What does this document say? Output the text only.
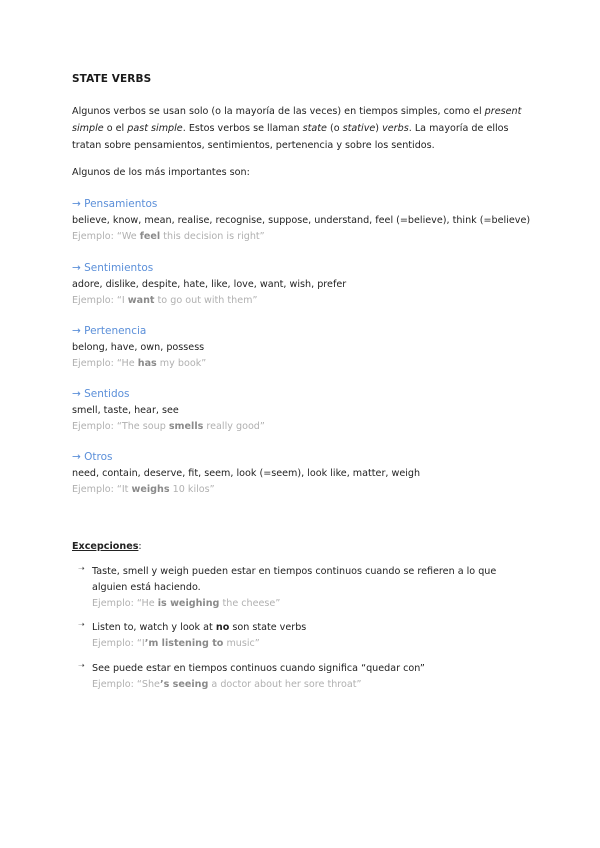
STATE VERBS
Algunos verbos se usan solo (o la mayoría de las veces) en tiempos simples, como el present simple o el past simple. Estos verbos se llaman state (o stative) verbs. La mayoría de ellos tratan sobre pensamientos, sentimientos, pertenencia y sobre los sentidos.
Algunos de los más importantes son:
→ Pensamientos
believe, know, mean, realise, recognise, suppose, understand, feel (=believe), think (=believe)
Ejemplo: “We feel this decision is right”
→ Sentimientos
adore, dislike, despite, hate, like, love, want, wish, prefer
Ejemplo: “I want to go out with them”
→ Pertenencia
belong, have, own, possess
Ejemplo: “He has my book”
→ Sentidos
smell, taste, hear, see
Ejemplo: “The soup smells really good”
→ Otros
need, contain, deserve, fit, seem, look (=seem), look like, matter, weigh
Ejemplo: “It weighs 10 kilos”
Excepciones:
➝ Taste, smell y weigh pueden estar en tiempos continuos cuando se refieren a lo que alguien está haciendo.
Ejemplo: “He is weighing the cheese”
➝ Listen to, watch y look at no son state verbs
Ejemplo: “I’m listening to music”
➝ See puede estar en tiempos continuos cuando significa “quedar con”
Ejemplo: “She’s seeing a doctor about her sore throat”
